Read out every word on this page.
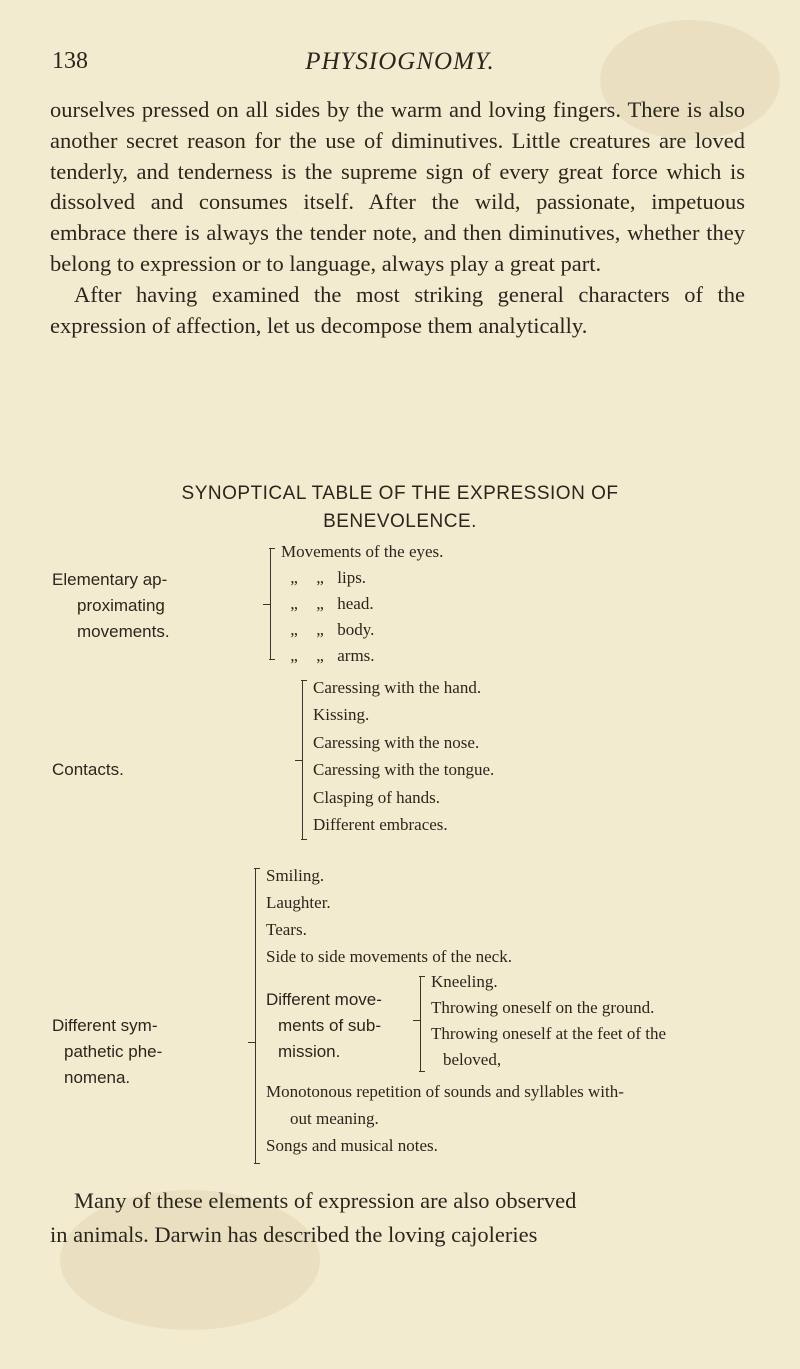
138	PHYSIOGNOMY.

ourselves pressed on all sides by the warm and loving fingers. There is also another secret reason for the use of diminutives. Little creatures are loved tenderly, and tenderness is the supreme sign of every great force which is dissolved and consumes itself. After the wild, passionate, impetuous embrace there is always the tender note, and then diminutives, whether they belong to expression or to language, always play a great part.

After having examined the most striking general characters of the expression of affection, let us decompose them analytically.

SYNOPTICAL TABLE OF THE EXPRESSION OF
BENEVOLENCE.
Elementary ap-
proximating
movements.
Movements of the eyes.
„ „ lips.
„ „ head.
„ „ body.
„ „ arms.
Contacts.
Caressing with the hand.
Kissing.
Caressing with the nose.
Caressing with the tongue.
Clasping of hands.
Different embraces.
Different sym-
pathetic phe-
nomena.
Smiling.
Laughter.
Tears.
Side to side movements of the neck.
Different move-
ments of sub-
mission.
Kneeling.
Throwing oneself on the ground.
Throwing oneself at the feet of the
beloved,
Monotonous repetition of sounds and syllables with-
out meaning.
Songs and musical notes.
Many of these elements of expression are also observed
in animals. Darwin has described the loving cajoleries
